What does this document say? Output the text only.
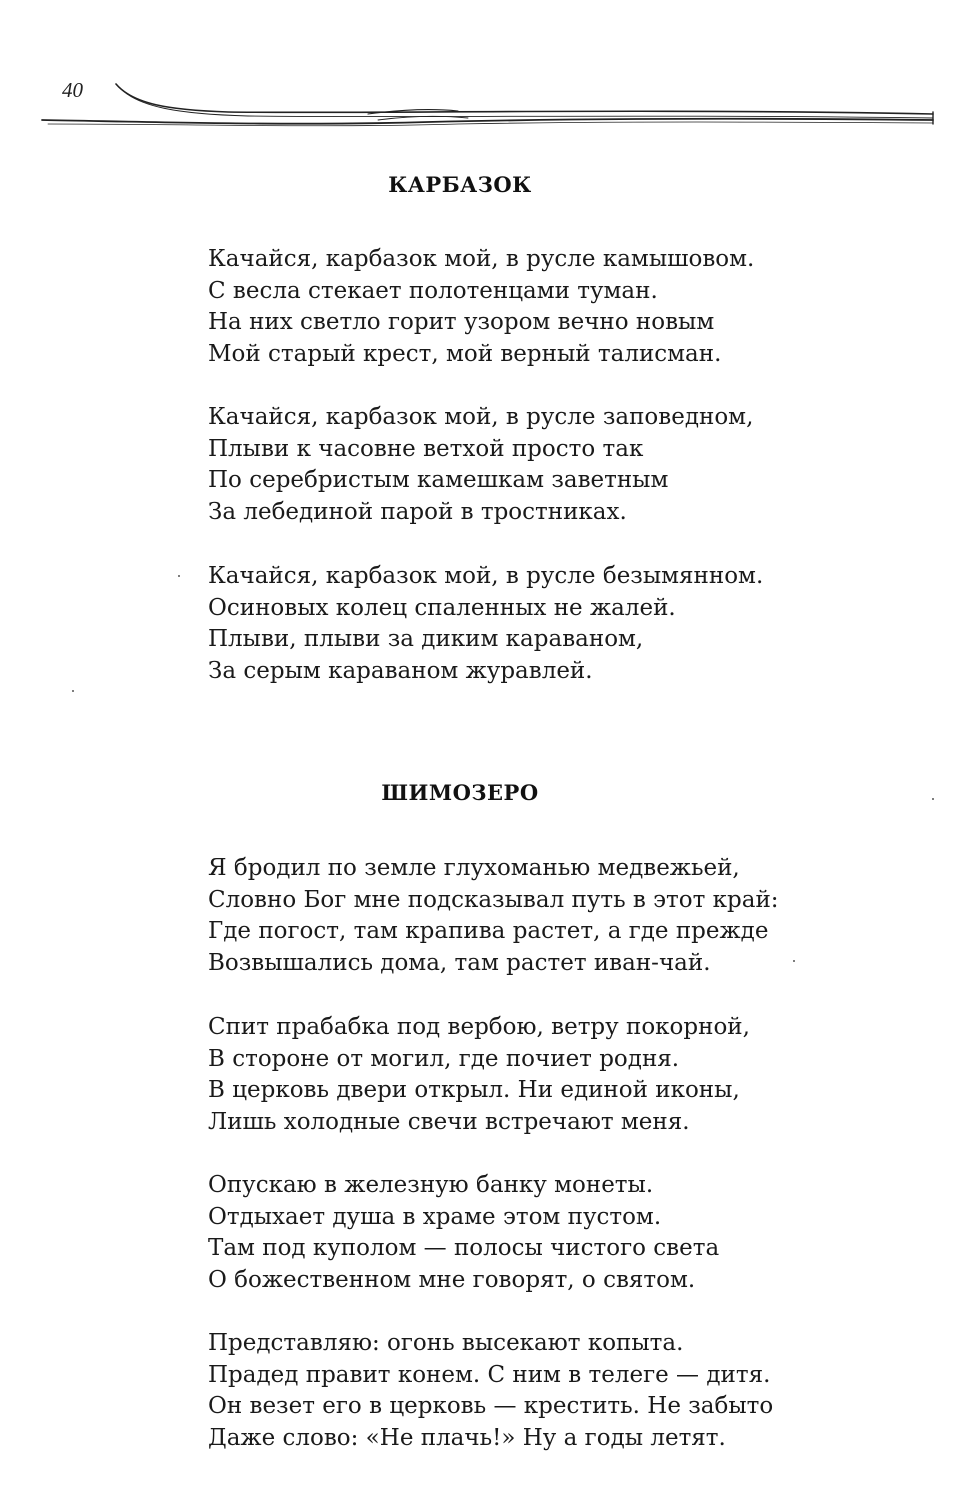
40
КАРБАЗОК
Качайся, карбазок мой, в русле камышовом.
С весла стекает полотенцами туман.
На них светло горит узором вечно новым
Мой старый крест, мой верный талисман.
Качайся, карбазок мой, в русле заповедном,
Плыви к часовне ветхой просто так
По серебристым камешкам заветным
За лебединой парой в тростниках.
Качайся, карбазок мой, в русле безымянном.
Осиновых колец спаленных не жалей.
Плыви, плыви за диким караваном,
За серым караваном журавлей.
ШИМОЗЕРО
Я бродил по земле глухоманью медвежьей,
Словно Бог мне подсказывал путь в этот край:
Где погост, там крапива растет, а где прежде
Возвышались дома, там растет иван-чай.
Спит прабабка под вербою, ветру покорной,
В стороне от могил, где почиет родня.
В церковь двери открыл. Ни единой иконы,
Лишь холодные свечи встречают меня.
Опускаю в железную банку монеты.
Отдыхает душа в храме этом пустом.
Там под куполом — полосы чистого света
О божественном мне говорят, о святом.
Представляю: огонь высекают копыта.
Прадед правит конем. С ним в телеге — дитя.
Он везет его в церковь — крестить. Не забыто
Даже слово: «Не плачь!» Ну а годы летят.
